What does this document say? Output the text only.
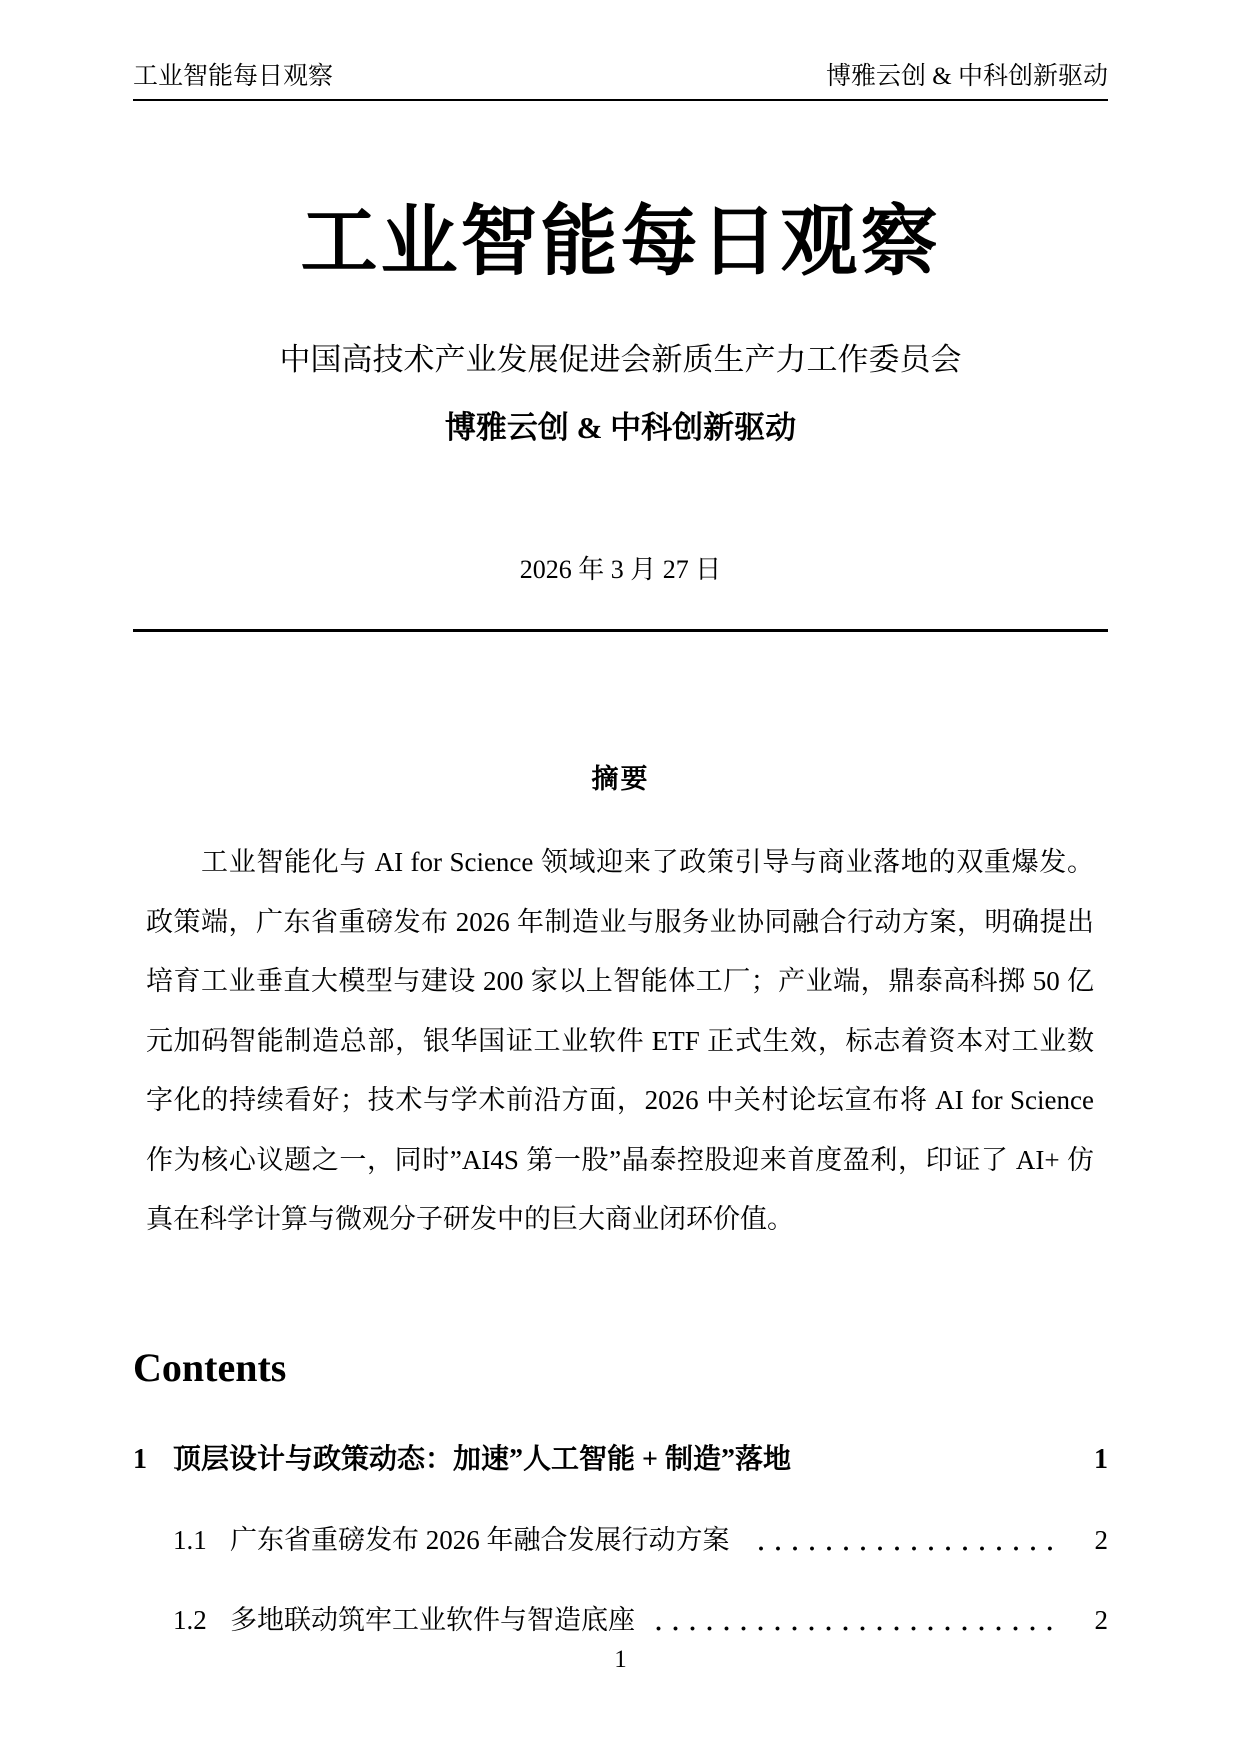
工业智能每日观察	博雅云创 & 中科创新驱动
工业智能每日观察
中国高技术产业发展促进会新质生产力工作委员会
博雅云创 & 中科创新驱动
2026 年 3 月 27 日
摘要

工业智能化与 AI for Science 领域迎来了政策引导与商业落地的双重爆发。政策端，广东省重磅发布 2026 年制造业与服务业协同融合行动方案，明确提出培育工业垂直大模型与建设 200 家以上智能体工厂；产业端，鼎泰高科掷 50 亿元加码智能制造总部，银华国证工业软件 ETF 正式生效，标志着资本对工业数字化的持续看好；技术与学术前沿方面，2026 中关村论坛宣布将 AI for Science 作为核心议题之一，同时”AI4S 第一股”晶泰控股迎来首度盈利，印证了 AI+ 仿真在科学计算与微观分子研发中的巨大商业闭环价值。

Contents
1 顶层设计与政策动态：加速”人工智能 + 制造”落地	1
1.1 广东省重磅发布 2026 年融合发展行动方案	2
1.2 多地联动筑牢工业软件与智造底座	2
1
